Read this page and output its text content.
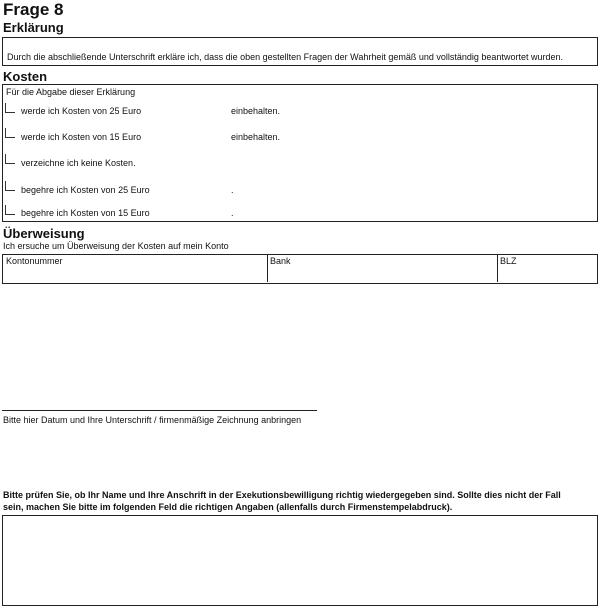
Frage 8
Erklärung
Durch die abschließende Unterschrift erkläre ich, dass die oben gestellten Fragen der Wahrheit gemäß und vollständig beantwortet wurden.
Kosten
Für die Abgabe dieser Erklärung
werde ich Kosten von 25 Euro	einbehalten.
werde ich Kosten von 15 Euro	einbehalten.
verzeichne ich keine Kosten.
begehre ich Kosten von 25 Euro	.
begehre ich Kosten von 15 Euro	.
Überweisung
Ich ersuche um Überweisung der Kosten auf mein Konto
Kontonummer	Bank	BLZ
Bitte hier Datum und Ihre Unterschrift / firmenmäßige Zeichnung anbringen
Bitte prüfen Sie, ob Ihr Name und Ihre Anschrift in der Exekutionsbewilligung richtig wiedergegeben sind. Sollte dies nicht der Fall
sein, machen Sie bitte im folgenden Feld die richtigen Angaben (allenfalls durch Firmenstempelabdruck).
